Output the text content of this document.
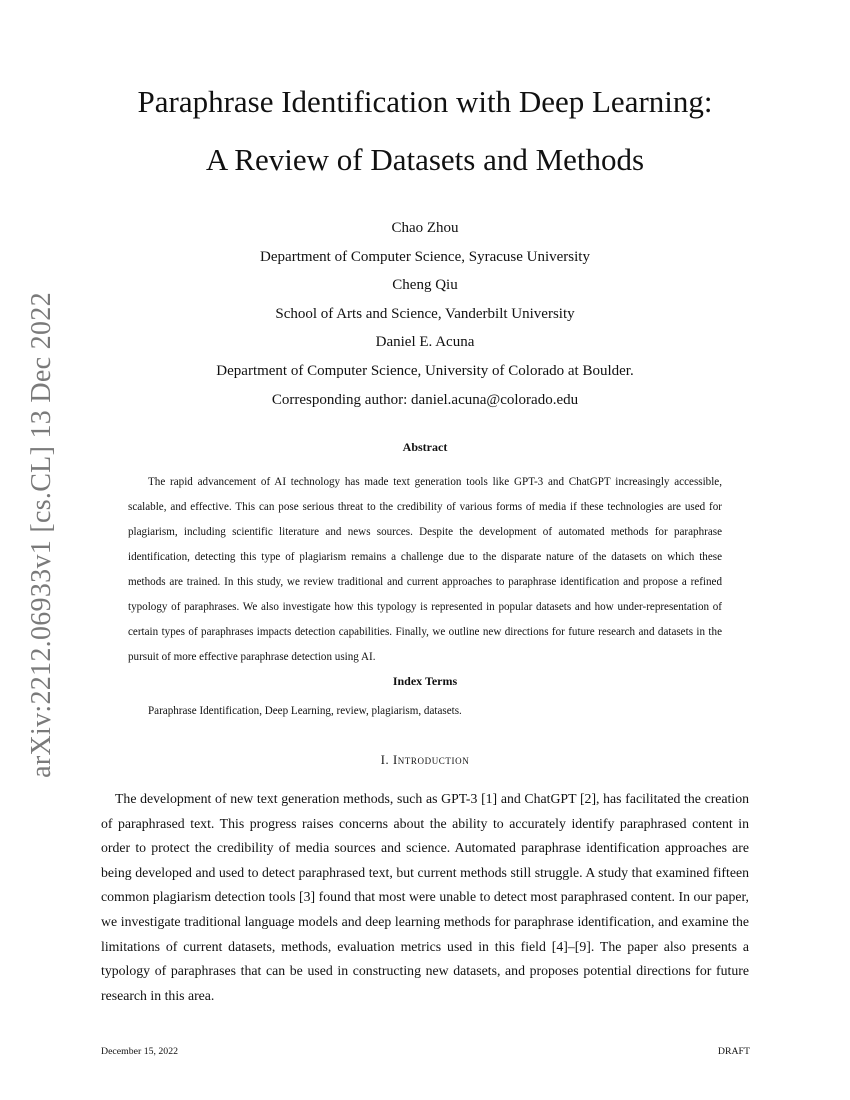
arXiv:2212.06933v1 [cs.CL] 13 Dec 2022
Paraphrase Identification with Deep Learning:
A Review of Datasets and Methods
Chao Zhou
Department of Computer Science, Syracuse University
Cheng Qiu
School of Arts and Science, Vanderbilt University
Daniel E. Acuna
Department of Computer Science, University of Colorado at Boulder.
Corresponding author: daniel.acuna@colorado.edu
Abstract

The rapid advancement of AI technology has made text generation tools like GPT-3 and ChatGPT increasingly accessible, scalable, and effective. This can pose serious threat to the credibility of various forms of media if these technologies are used for plagiarism, including scientific literature and news sources. Despite the development of automated methods for paraphrase identification, detecting this type of plagiarism remains a challenge due to the disparate nature of the datasets on which these methods are trained. In this study, we review traditional and current approaches to paraphrase identification and propose a refined typology of paraphrases. We also investigate how this typology is represented in popular datasets and how under-representation of certain types of paraphrases impacts detection capabilities. Finally, we outline new directions for future research and datasets in the pursuit of more effective paraphrase detection using AI.

Index Terms

Paraphrase Identification, Deep Learning, review, plagiarism, datasets.

I. Introduction

The development of new text generation methods, such as GPT-3 [1] and ChatGPT [2], has facilitated the creation of paraphrased text. This progress raises concerns about the ability to accurately identify paraphrased content in order to protect the credibility of media sources and science. Automated paraphrase identification approaches are being developed and used to detect paraphrased text, but current methods still struggle. A study that examined fifteen common plagiarism detection tools [3] found that most were unable to detect most paraphrased content. In our paper, we investigate traditional language models and deep learning methods for paraphrase identification, and examine the limitations of current datasets, methods, evaluation metrics used in this field [4]–[9]. The paper also presents a typology of paraphrases that can be used in constructing new datasets, and proposes potential directions for future research in this area.

December 15, 2022	DRAFT
